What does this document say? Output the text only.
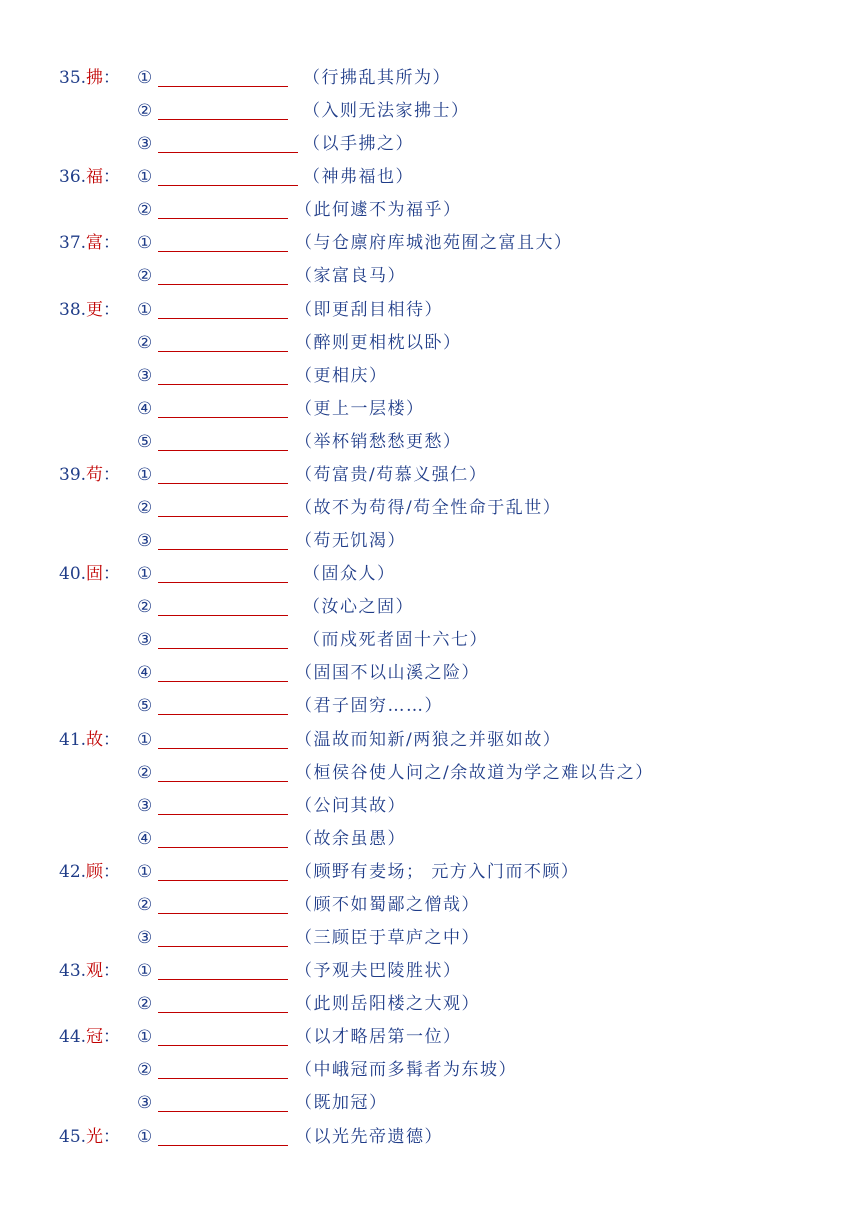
35.拂： ①	（行拂乱其所为）
②	（入则无法家拂士）
③	（以手拂之）
36.福： ①	（神弗福也）
②	（此何遽不为福乎）
37.富： ①	（与仓廪府库城池苑囿之富且大）
②	（家富良马）
38.更： ①	（即更刮目相待）
②	（醉则更相枕以卧）
③	（更相庆）
④	（更上一层楼）
⑤	（举杯销愁愁更愁）
39.苟： ①	（苟富贵/苟慕义强仁）
②	（故不为苟得/苟全性命于乱世）
③	（苟无饥渴）
40.固： ①	（固众人）
②	（汝心之固）
③	（而戍死者固十六七）
④	（固国不以山溪之险）
⑤	（君子固穷……）
41.故： ①	（温故而知新/两狼之并驱如故）
②	（桓侯谷使人问之/余故道为学之难以告之）
③	（公问其故）
④	（故余虽愚）
42.顾： ①	（顾野有麦场； 元方入门而不顾）
②	（顾不如蜀鄙之僧哉）
③	（三顾臣于草庐之中）
43.观： ①	（予观夫巴陵胜状）
②	（此则岳阳楼之大观）
44.冠： ①	（以才略居第一位）
②	（中峨冠而多髯者为东坡）
③	（既加冠）
45.光： ①	（以光先帝遗德）
